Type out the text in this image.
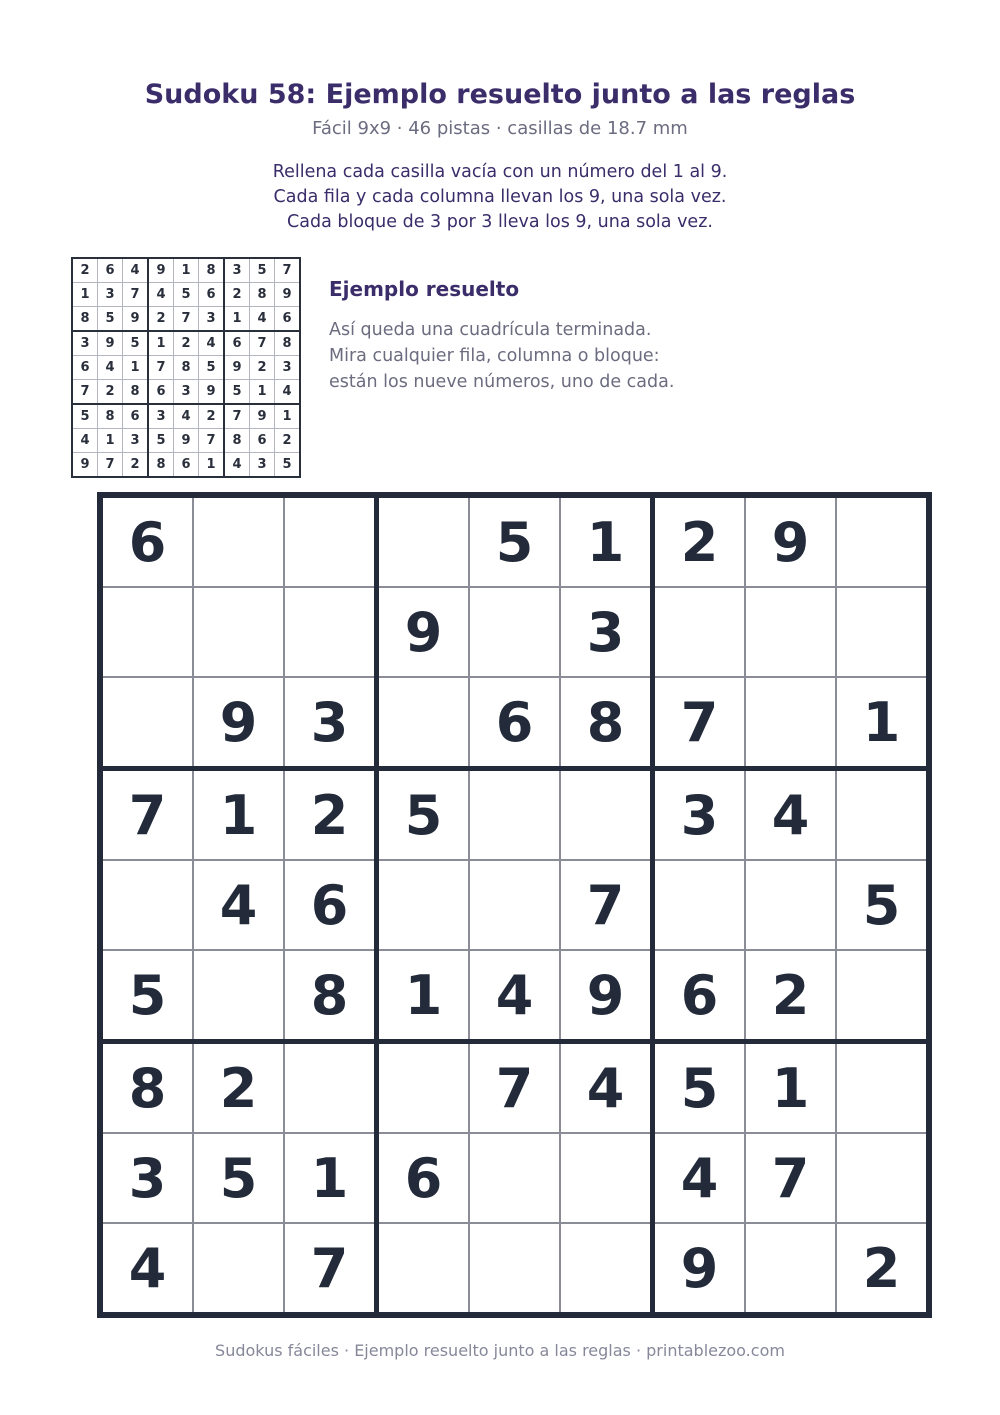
Sudoku 58: Ejemplo resuelto junto a las reglas
Fácil 9x9 · 46 pistas · casillas de 18.7 mm
Rellena cada casilla vacía con un número del 1 al 9.
Cada fila y cada columna llevan los 9, una sola vez.
Cada bloque de 3 por 3 lleva los 9, una sola vez.
2	6	4	9	1	8	3	5	7
1	3	7	4	5	6	2	8	9
8	5	9	2	7	3	1	4	6
3	9	5	1	2	4	6	7	8
6	4	1	7	8	5	9	2	3
7	2	8	6	3	9	5	1	4
5	8	6	3	4	2	7	9	1
4	1	3	5	9	7	8	6	2
9	7	2	8	6	1	4	3	5
Ejemplo resuelto
Así queda una cuadrícula terminada.
Mira cualquier fila, columna o bloque:
están los nueve números, uno de cada.
6				5	1	2	9	
			9		3			
	9	3		6	8	7		1
7	1	2	5			3	4	
	4	6			7			5
5		8	1	4	9	6	2	
8	2			7	4	5	1	
3	5	1	6			4	7	
4		7				9		2
Sudokus fáciles · Ejemplo resuelto junto a las reglas · printablezoo.com
